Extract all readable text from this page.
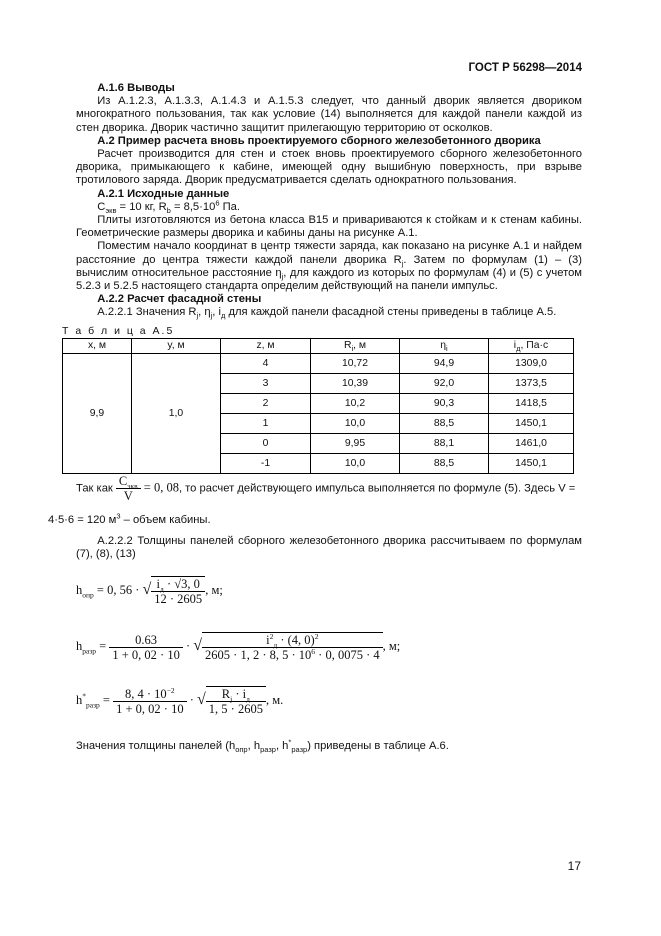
ГОСТ Р 56298—2014

А.1.6 Выводы

Из А.1.2.3, А.1.3.3, А.1.4.3 и А.1.5.3 следует, что данный дворик является двориком многократного пользования, так как условие (14) выполняется для каждой панели каждой из стен дворика. Дворик частично защитит прилегающую территорию от осколков.

А.2 Пример расчета вновь проектируемого сборного железобетонного дворика

Расчет производится для стен и стоек вновь проектируемого сборного железобетонного дворика, примыкающего к кабине, имеющей одну вышибную поверхность, при взрыве тротилового заряда. Дворик предусматривается сделать однократного пользования.

А.2.1 Исходные данные

$С_{экв} = 10$ кг, $R_b = 8,5\cdot 10^6$ Па.

Плиты изготовляются из бетона класса В15 и привариваются к стойкам и к стенам кабины. Геометрические размеры дворика и кабины даны на рисунке А.1.

Поместим начало координат в центр тяжести заряда, как показано на рисунке А.1 и найдем расстояние до центра тяжести каждой панели дворика $R_j$. Затем по формулам (1) – (3) вычислим относительное расстояние $\eta_j$, для каждого из которых по формулам (4) и (5) с учетом 5.2.3 и 5.2.5 настоящего стандарта определим действующий на панели импульс.

А.2.2 Расчет фасадной стены

А.2.2.1 Значения $R_j$, $\eta_j$, $i_д$ для каждой панели фасадной стены приведены в таблице А.5.

Т а б л и ц а А.5
x, м	y, м	z, м	$R_i$, м	$\eta_i$	$i_д$, Па·с
9,9	1,0	4	10,72	94,9	1309,0
		3	10,39	92,0	1373,5
		2	10,2	90,3	1418,5
		1	10,0	88,5	1450,1
		0	9,95	88,1	1461,0
		-1	10,0	88,5	1450,1
Так как $\frac{С_{экв}}{V} = 0$, 08, то расчет действующего импульса выполняется по формуле (5). Здесь V =
4·5·6 = 120 $м^3$ – объем кабины.
А.2.2.2 Толщины панелей сборного железобетонного дворика рассчитываем по формулам (7), (8), (13)
$h_{опр} = 0$, 56 · √ $\frac{i_д \cdot √3, 0}{12 \cdot 2605}$ , м;
$h_{разр} = \frac{0.63}{1 + 0, 02 \cdot 10}$ · √ $\frac{i^2_д \cdot (4, 0)^2}{2605 \cdot 1, 2 \cdot 8, 5 \cdot 10^6 \cdot 0, 0075 \cdot 4}$ , м;
$h^*_{разр} = \frac{8, 4 \cdot 10^{-2}}{1 + 0, 02 \cdot 10}$ · √ $\frac{R_j \cdot i_д}{1, 5 \cdot 2605}$ , м.
Значения толщины панелей ($h_{опр}$, $h_{разр}$, $h^*_{разр}$) приведены в таблице А.6.
17
